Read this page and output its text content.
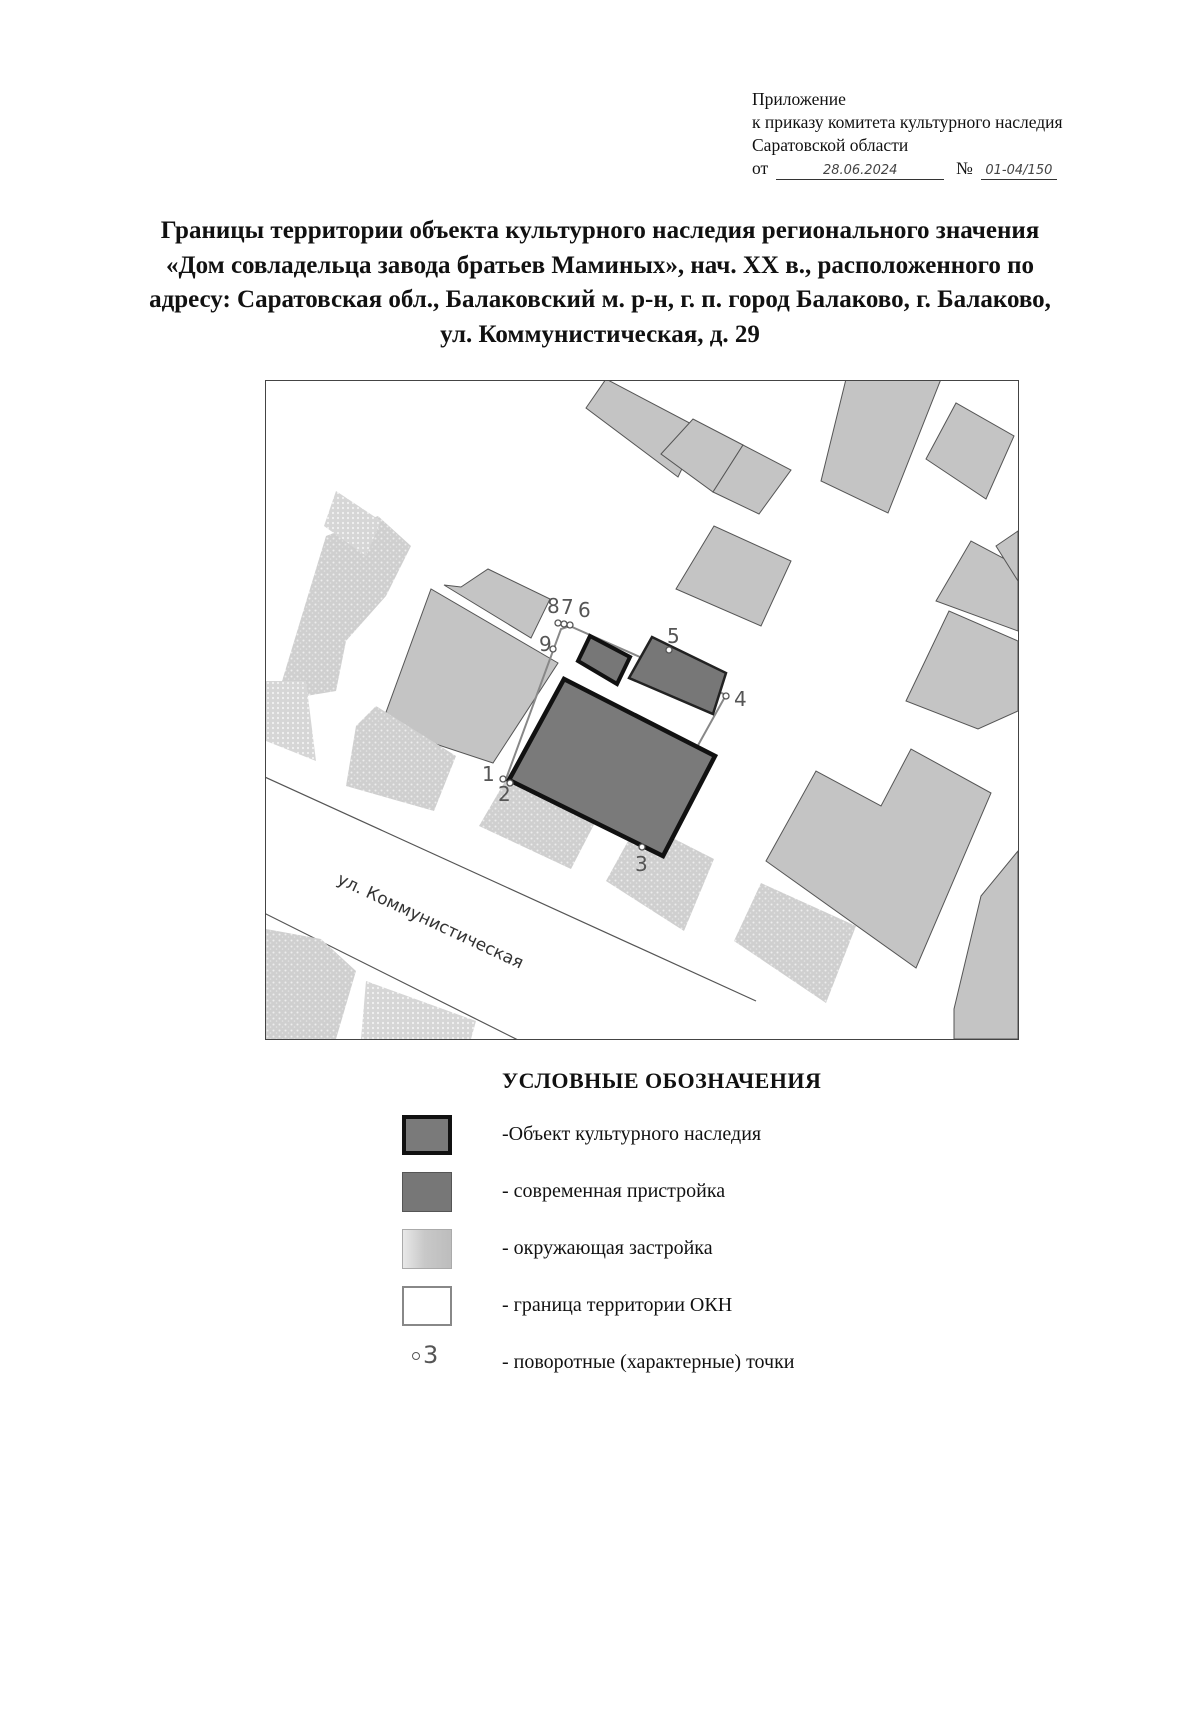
Приложение
к приказу комитета культурного наследия
Саратовской области
от	28.06.2024	№ 01-04/150
Границы территории объекта культурного наследия регионального значения
«Дом совладельца завода братьев Маминых», нач. XX в., расположенного по
адресу: Саратовская обл., Балаковский м. р-н, г. п. город Балаково, г. Балаково,
ул. Коммунистическая, д. 29
ул. Коммунистическая
1
2
3
4
5
6
7
8
9
УСЛОВНЫЕ ОБОЗНАЧЕНИЯ
-Объект культурного наследия
- современная пристройка
- окружающая застройка
- граница территории ОКН
3	- поворотные (характерные) точки
